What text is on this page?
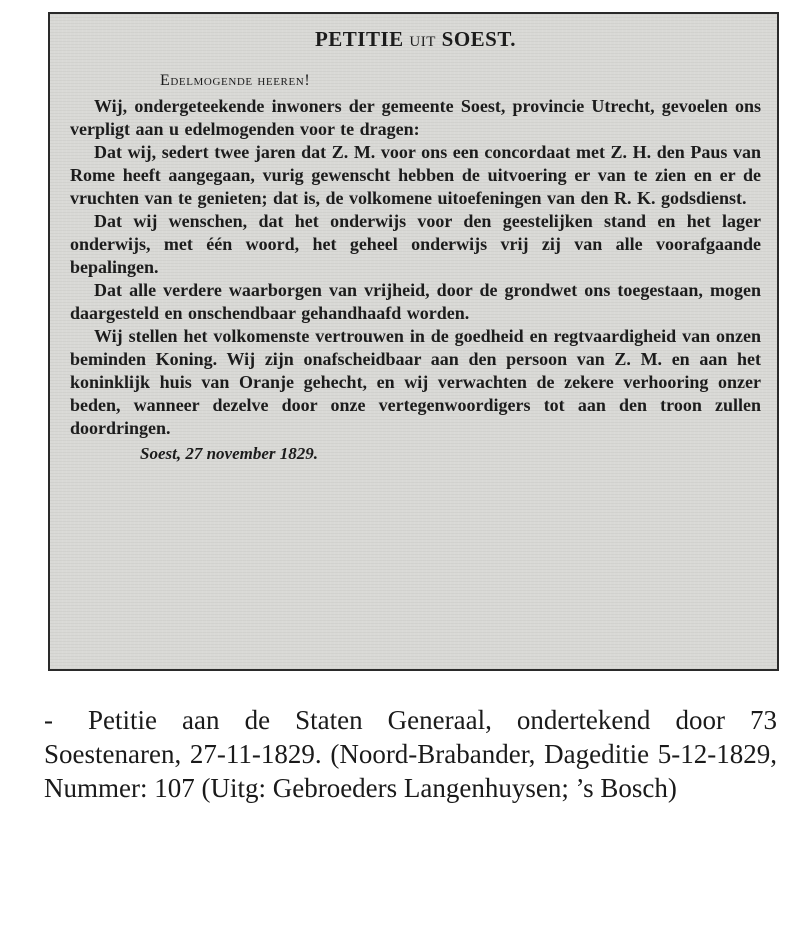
PETITIE UIT SOEST.
Edelmogende heeren!

Wij, ondergeteekende inwoners der gemeente Soest, provincie Utrecht, gevoelen ons verpligt aan u edelmogenden voor te dragen:

Dat wij, sedert twee jaren dat Z. M. voor ons een concordaat met Z. H. den Paus van Rome heeft aangegaan, vurig gewenscht hebben de uitvoering er van te zien en er de vruchten van te genieten; dat is, de volkomene uitoefeningen van den R. K. godsdienst.

Dat wij wenschen, dat het onderwijs voor den geestelijken stand en het lager onderwijs, met één woord, het geheel onderwijs vrij zij van alle voorafgaande bepalingen.

Dat alle verdere waarborgen van vrijheid, door de grondwet ons toegestaan, mogen daargesteld en onschendbaar gehandhaafd worden.

Wij stellen het volkomenste vertrouwen in de goedheid en regtvaardigheid van onzen beminden Koning. Wij zijn onafscheidbaar aan den persoon van Z. M. en aan het koninklijk huis van Oranje gehecht, en wij verwachten de zekere verhooring onzer beden, wanneer dezelve door onze vertegenwoordigers tot aan den troon zullen doordringen.

Soest, 27 november 1829.
- Petitie aan de Staten Generaal, ondertekend door 73 Soestenaren, 27-11-1829. (Noord-Brabander, Dageditie 5-12-1829, Nummer: 107 (Uitg: Gebroeders Langenhuysen; ’s Bosch)
